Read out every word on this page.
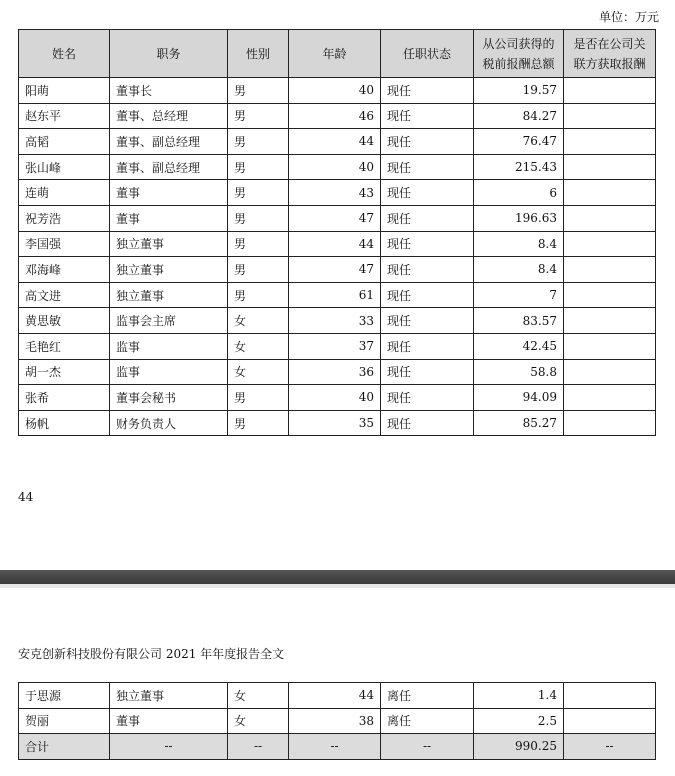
单位：万元
姓名	职务	性别	年龄	任职状态	从公司获得的税前报酬总额	是否在公司关联方获取报酬
阳萌	董事长	男	40	现任	19.57	
赵东平	董事、总经理	男	46	现任	84.27	
高韬	董事、副总经理	男	44	现任	76.47	
张山峰	董事、副总经理	男	40	现任	215.43	
连萌	董事	男	43	现任	6	
祝芳浩	董事	男	47	现任	196.63	
李国强	独立董事	男	44	现任	8.4	
邓海峰	独立董事	男	47	现任	8.4	
高文进	独立董事	男	61	现任	7	
黄思敏	监事会主席	女	33	现任	83.57	
毛艳红	监事	女	37	现任	42.45	
胡一杰	监事	女	36	现任	58.8	
张希	董事会秘书	男	40	现任	94.09	
杨帆	财务负责人	男	35	现任	85.27	
44
安克创新科技股份有限公司 2021 年年度报告全文
于思源	独立董事	女	44	离任	1.4	
贺丽	董事	女	38	离任	2.5	
合计	--	--	--	--	990.25	--
